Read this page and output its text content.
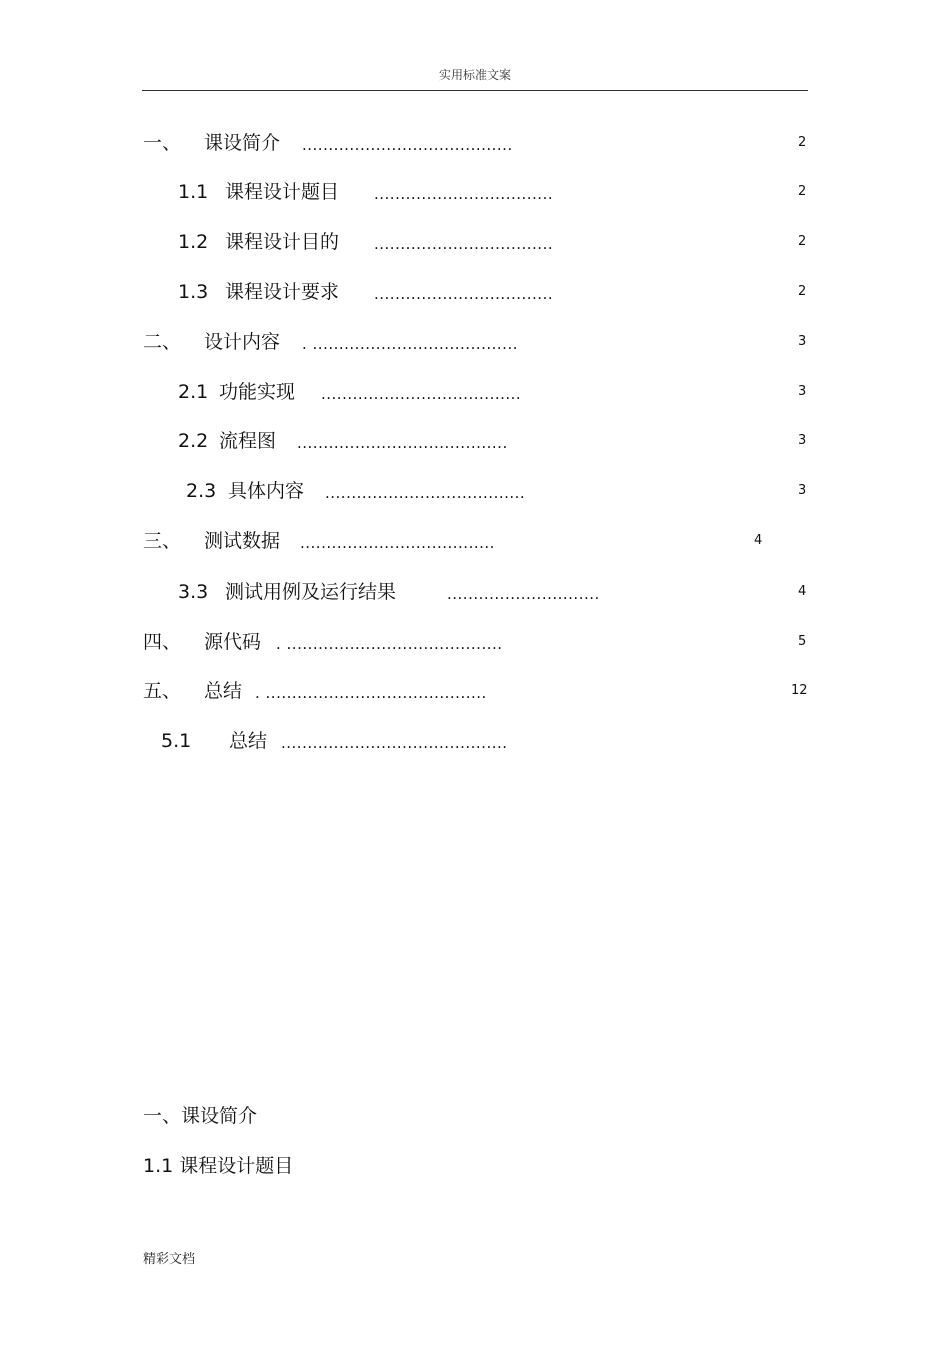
实用标准文案
一、 课设简介 ........................................	2
1.1 课程设计题目 ..................................	2
1.2 课程设计目的 ..................................	2
1.3 课程设计要求 ..................................	2
二、 设计内容 . .......................................	3
2.1 功能实现 ......................................	3
2.2 流程图 ........................................	3
2.3 具体内容 ......................................	3
三、 测试数据 .....................................	4
3.3 测试用例及运行结果	.............................	4
四、 源代码 . .........................................	5
五、 总结 . ..........................................	12
5.1 总结 ...........................................
一、课设简介
1.1 课程设计题目
精彩文档
